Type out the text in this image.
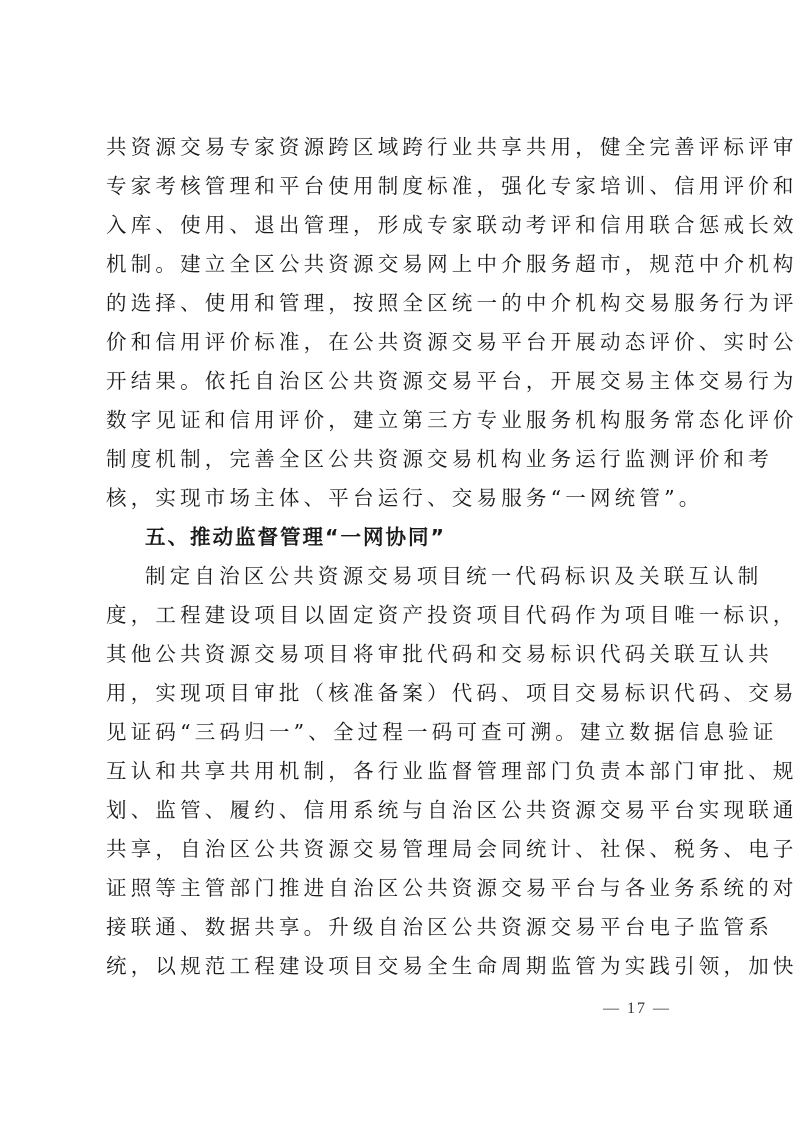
共资源交易专家资源跨区域跨行业共享共用，健全完善评标评审
专家考核管理和平台使用制度标准，强化专家培训、信用评价和
入库、使用、退出管理，形成专家联动考评和信用联合惩戒长效
机制。建立全区公共资源交易网上中介服务超市，规范中介机构
的选择、使用和管理，按照全区统一的中介机构交易服务行为评
价和信用评价标准，在公共资源交易平台开展动态评价、实时公
开结果。依托自治区公共资源交易平台，开展交易主体交易行为
数字见证和信用评价，建立第三方专业服务机构服务常态化评价
制度机制，完善全区公共资源交易机构业务运行监测评价和考
核，实现市场主体、平台运行、交易服务“一网统管”。
五、推动监督管理“一网协同”
制定自治区公共资源交易项目统一代码标识及关联互认制
度，工程建设项目以固定资产投资项目代码作为项目唯一标识，
其他公共资源交易项目将审批代码和交易标识代码关联互认共
用，实现项目审批（核准备案）代码、项目交易标识代码、交易
见证码“三码归一”、全过程一码可查可溯。建立数据信息验证
互认和共享共用机制，各行业监督管理部门负责本部门审批、规
划、监管、履约、信用系统与自治区公共资源交易平台实现联通
共享，自治区公共资源交易管理局会同统计、社保、税务、电子
证照等主管部门推进自治区公共资源交易平台与各业务系统的对
接联通、数据共享。升级自治区公共资源交易平台电子监管系
统，以规范工程建设项目交易全生命周期监管为实践引领，加快
— 17 —
